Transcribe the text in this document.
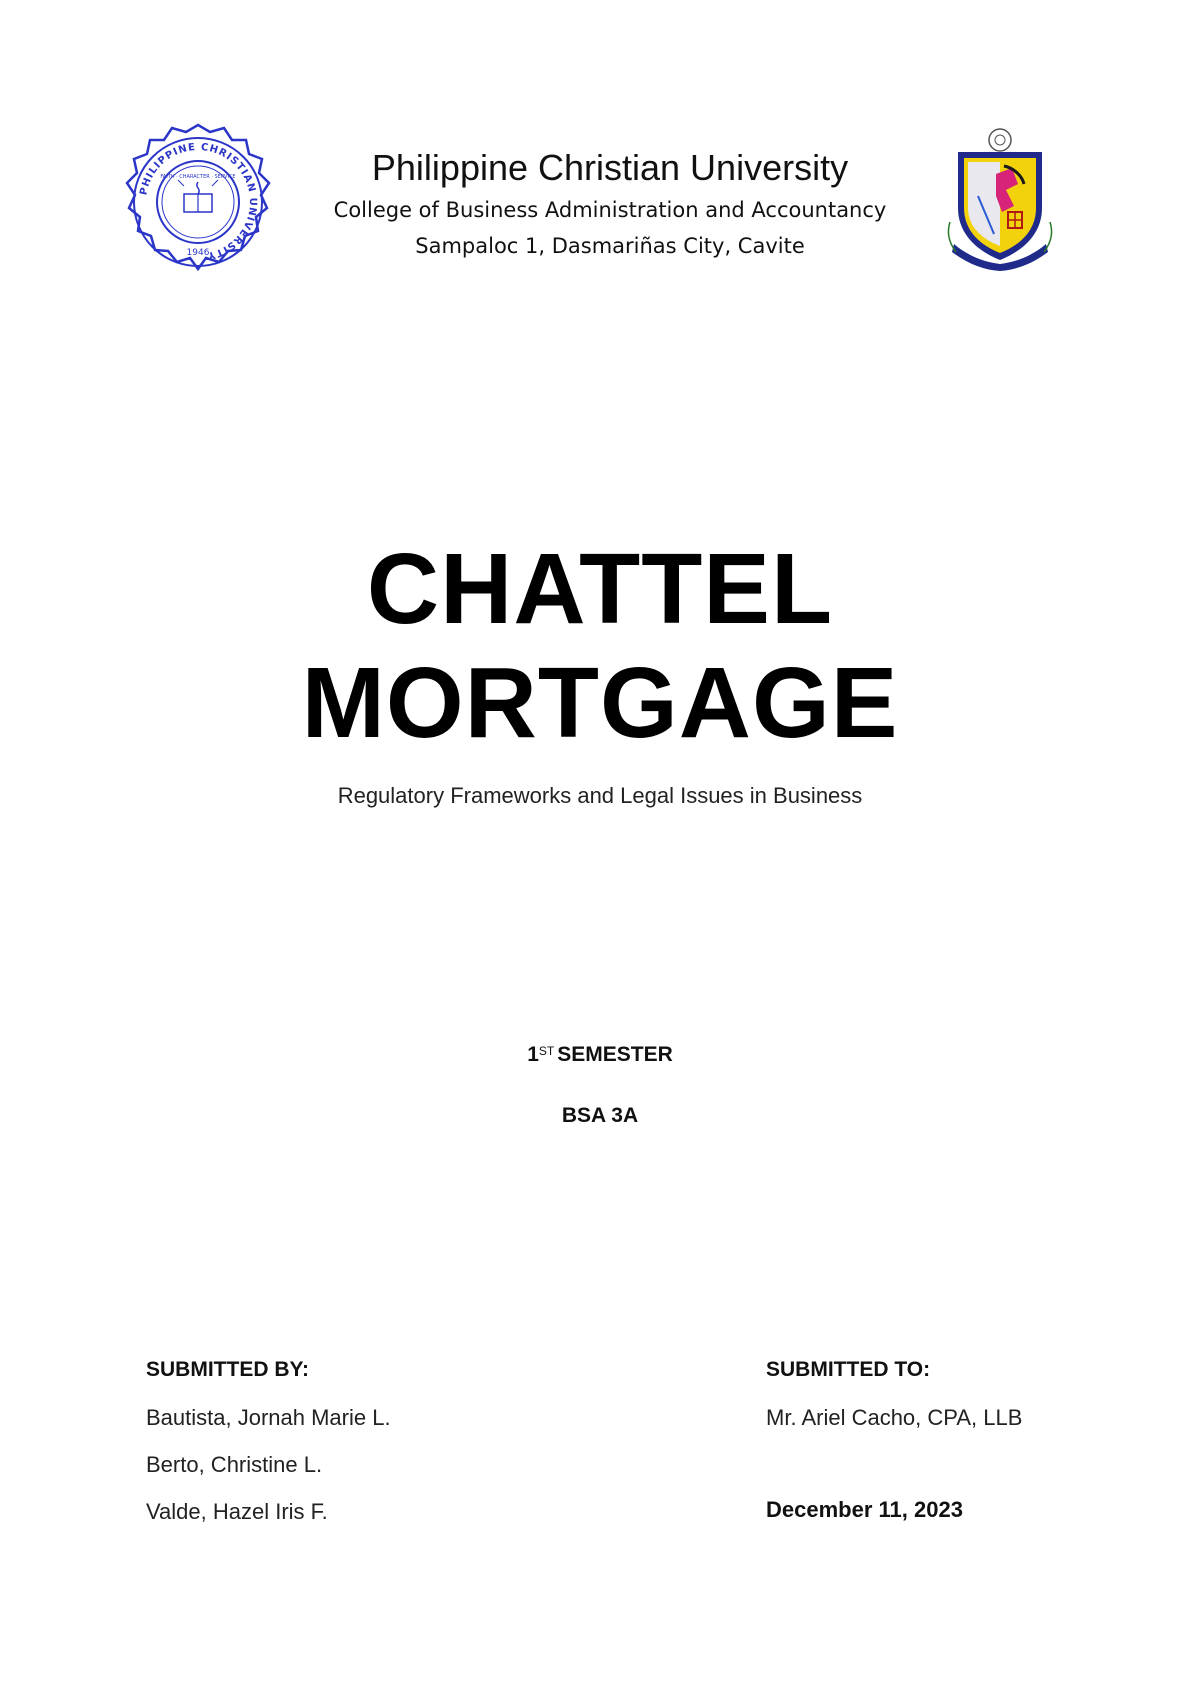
PHILIPPINE CHRISTIAN UNIVERSITY
FAITH · CHARACTER · SERVICE
1946
Philippine Christian University
College of Business Administration and Accountancy
Sampaloc 1, Dasmariñas City, Cavite
CHATTEL
MORTGAGE
Regulatory Frameworks and Legal Issues in Business
1ST SEMESTER
BSA 3A
SUBMITTED BY:
Bautista, Jornah Marie L.
Berto, Christine L.
Valde, Hazel Iris F.
SUBMITTED TO:
Mr. Ariel Cacho, CPA, LLB
December 11, 2023
